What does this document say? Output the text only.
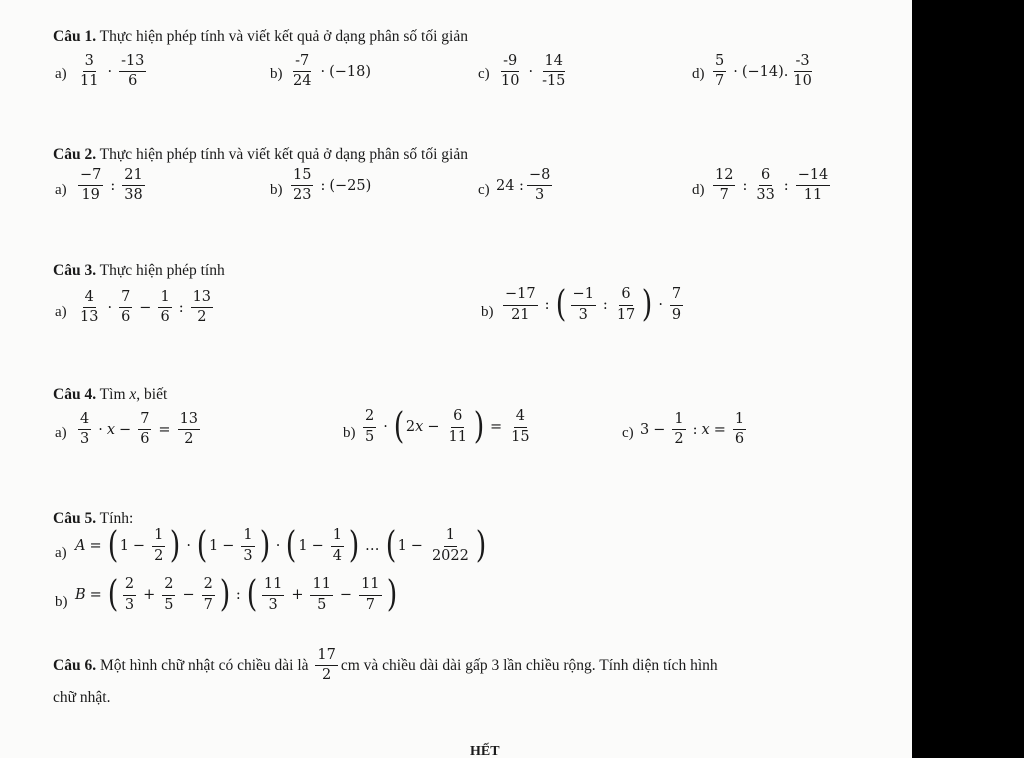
Câu 1. Thực hiện phép tính và viết kết quả ở dạng phân số tối giản
$a) \frac{3}{11} \cdot \frac{-13}{6}$	$b) \frac{-7}{24} \cdot (-18)$	$c) \frac{-9}{10} \cdot \frac{14}{-15}$	$d) \frac{5}{7} \cdot (-14)$. $\frac{-3}{10}$
Câu 2. Thực hiện phép tính và viết kết quả ở dạng phân số tối giản
$a) \frac{-7}{19}$ : $\frac{21}{38}$	$b) \frac{15}{23}$ : (−25)	c) 24 : $\frac{-8}{3}$	$d) \frac{12}{7}$ : $\frac{6}{33}$ : $\frac{-14}{11}$
Câu 3. Thực hiện phép tính
$a) \frac{4}{13} \cdot \frac{7}{6} - \frac{1}{6}$ : $\frac{13}{2}$	$b) \frac{-17}{21}$ : ( $\frac{-1}{3}$ : $\frac{6}{17}$ ) · $\frac{7}{9}$
Câu 4. Tìm x, biết
$a) \frac{4}{3} \cdot x - \frac{7}{6} = \frac{13}{2}$	$b) \frac{2}{5}$ · ( 2 $x - \frac{6}{11}$ ) = $\frac{4}{15}$	c) $3 - \frac{1}{2}$ : $x = \frac{1}{6}$
Câu 5. Tính:
a) A = ( $1 - \frac{1}{2}$ ) · ( $1 - \frac{1}{3}$ ) · ( $1 - \frac{1}{4}$ ) … ( $1 - \frac{1}{2022}$ )
b) B = ( $\frac{2}{3} + \frac{2}{5} - \frac{2}{7}$ ) : ( $\frac{11}{3} + \frac{11}{5} - \frac{11}{7}$ )
Câu 6. Một hình chữ nhật có chiều dài là $\frac{17}{2}$ cm và chiều dài dài gấp 3 lần chiều rộng. Tính diện tích hình
chữ nhật.
HẾT
